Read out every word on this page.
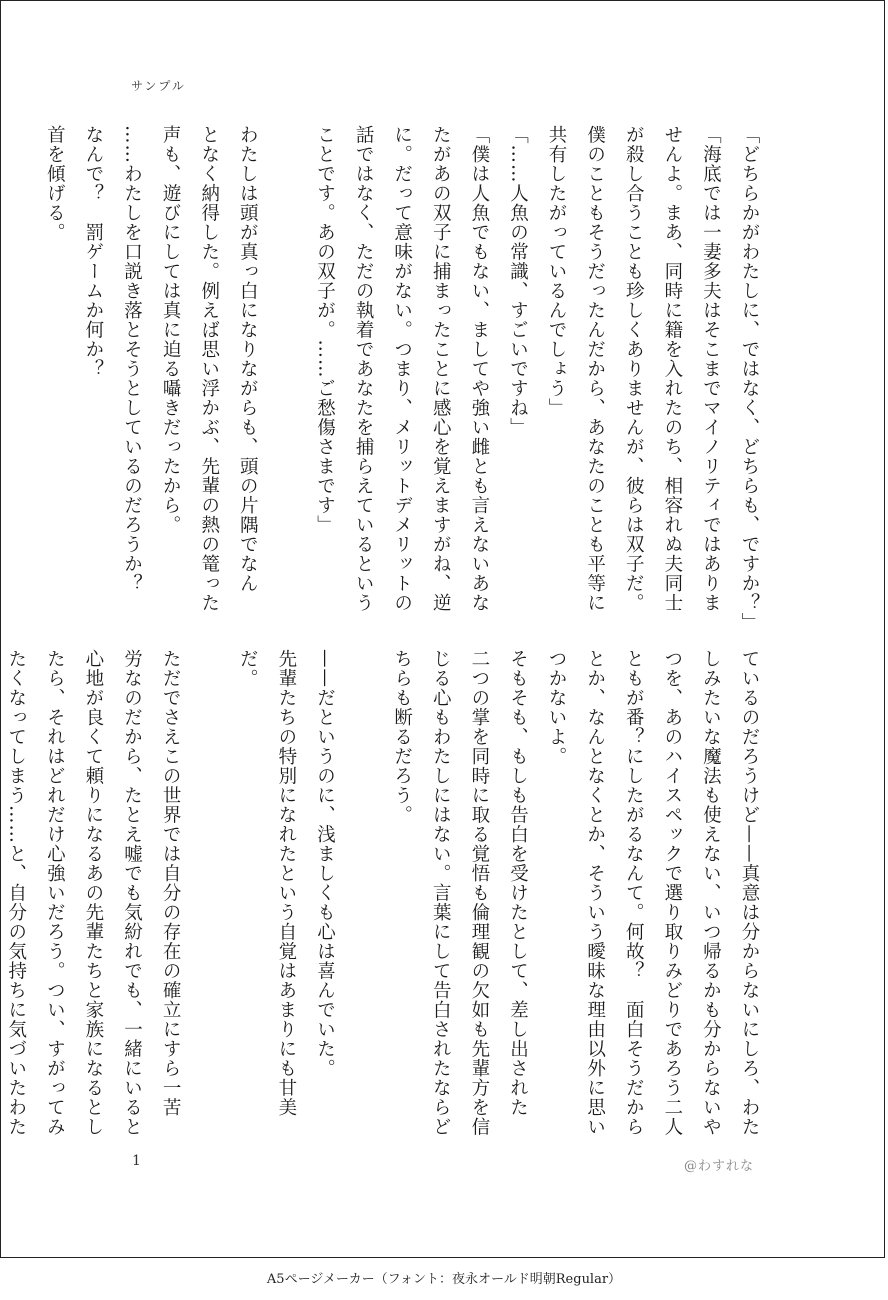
サンプル
「どちらかがわたしに、ではなく、どちらも、ですか？」
「海底では一妻多夫はそこまでマイノリティではありま
せんよ。まあ、同時に籍を入れたのち、相容れぬ夫同士
が殺し合うことも珍しくありませんが、彼らは双子だ。
僕のこともそうだったんだから、あなたのことも平等に
共有したがっているんでしょう」
「……人魚の常識、すごいですね」
「僕は人魚でもない、ましてや強い雌とも言えないあな
たがあの双子に捕まったことに感心を覚えますがね、逆
に。だって意味がない。つまり、メリットデメリットの
話ではなく、ただの執着であなたを捕らえているという
ことです。あの双子が。……ご愁傷さまです」

わたしは頭が真っ白になりながらも、頭の片隅でなん
となく納得した。例えば思い浮かぶ、先輩の熱の篭った
声も、遊びにしては真に迫る囁きだったから。
……わたしを口説き落とそうとしているのだろうか？
なんで？　罰ゲームか何か？
首を傾げる。

ているのだろうけど——真意は分からないにしろ、わた
しみたいな魔法も使えない、いつ帰るかも分からないや
つを、あのハイスペックで選り取りみどりであろう二人
ともが番？にしたがるなんて。何故？　面白そうだから
とか、なんとなくとか、そういう曖昧な理由以外に思い
つかないよ。
そもそも、もしも告白を受けたとして、差し出された
二つの掌を同時に取る覚悟も倫理観の欠如も先輩方を信
じる心もわたしにはない。言葉にして告白されたならど
ちらも断るだろう。

——だというのに、浅ましくも心は喜んでいた。
先輩たちの特別になれたという自覚はあまりにも甘美
だ。

ただでさえこの世界では自分の存在の確立にすら一苦
労なのだから、たとえ嘘でも気紛れでも、一緒にいると
心地が良くて頼りになるあの先輩たちと家族になるとし
たら、それはどれだけ心強いだろう。つい、すがってみ
たくなってしまう……と、自分の気持ちに気づいたわた
1	@わすれな
A5ページメーカー（フォント：夜永オールド明朝Regular）
